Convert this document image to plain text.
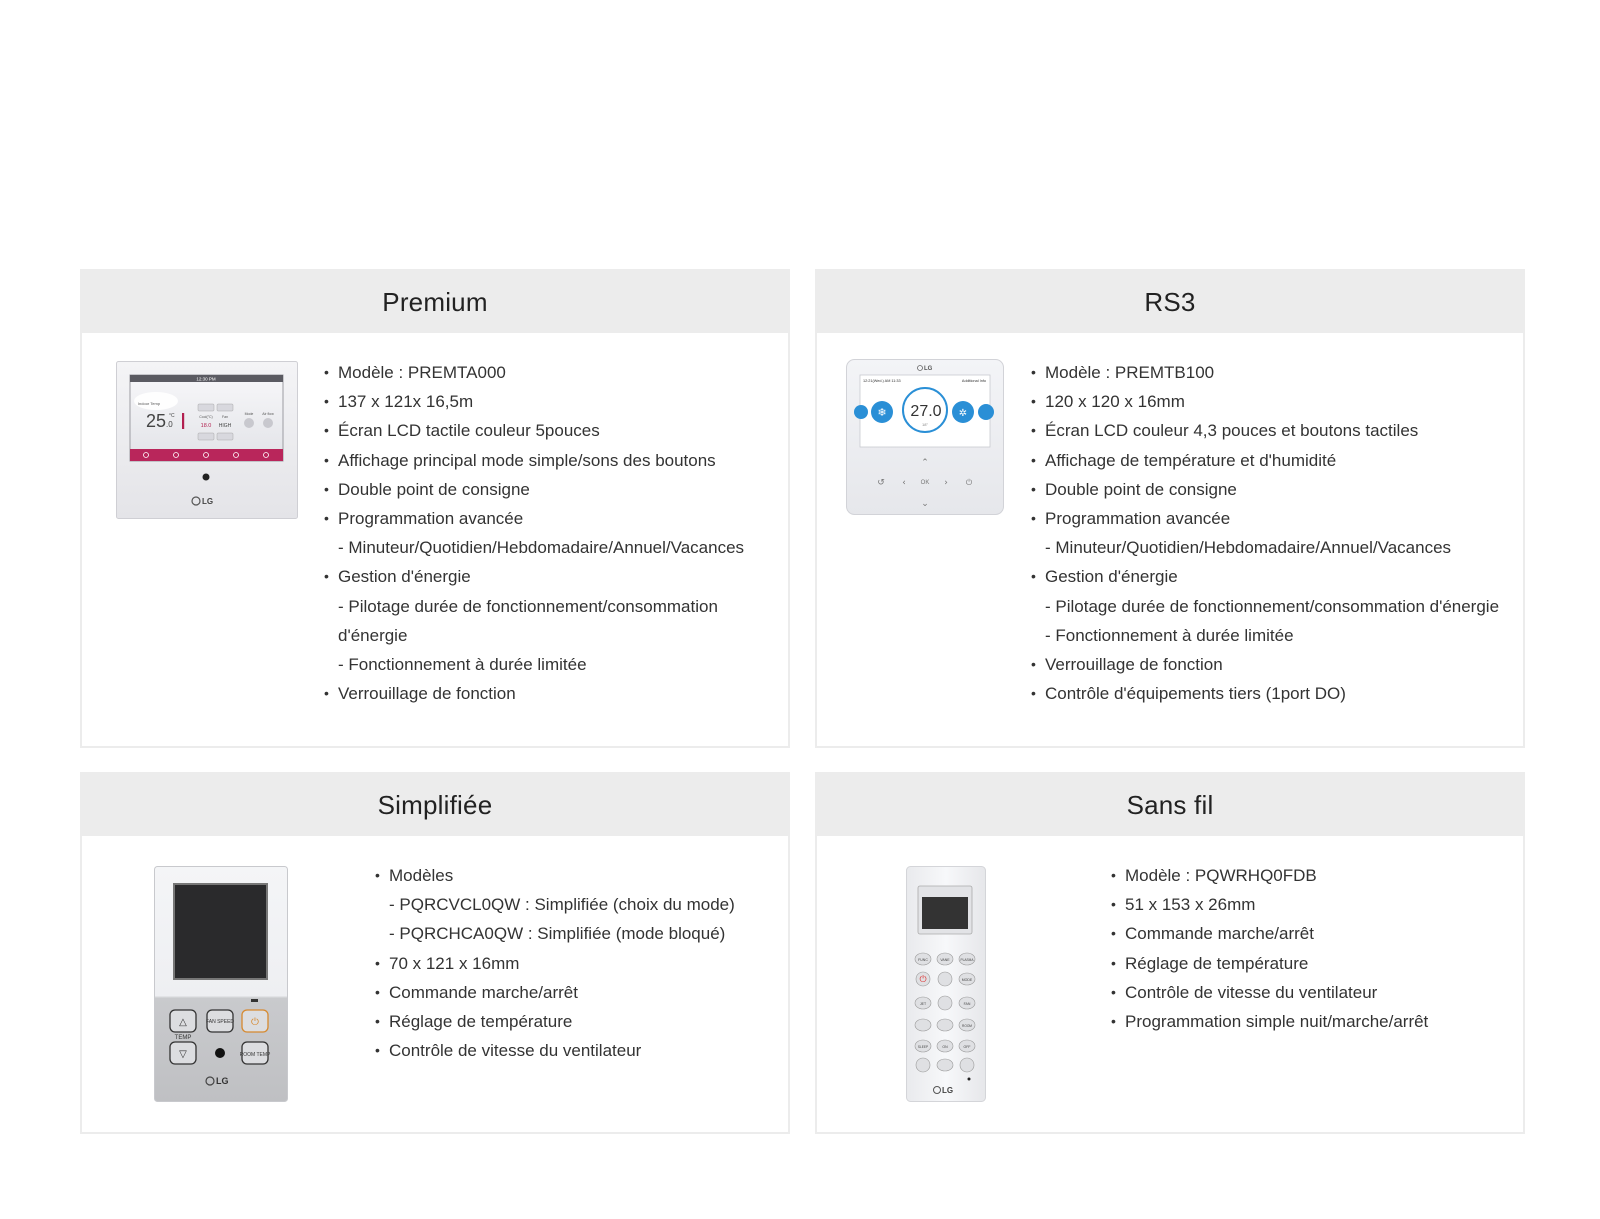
Premium
12:30 PM
Indoor Temp
25 .0
°C	Cool(°C)
18.0
Fan
HIGH
Mode	Air flow
LG
• Modèle : PREMTA000
• 137 x 121x 16,5m
• Écran LCD tactile couleur 5pouces
• Affichage principal mode simple/sons des boutons
• Double point de consigne
• Programmation avancée
- Minuteur/Quotidien/Hebdomadaire/Annuel/Vacances
• Gestion d'énergie
- Pilotage durée de fonctionnement/consommation d'énergie
- Fonctionnement à durée limitée
• Verrouillage de fonction
RS3
LG
12:21(Wed.) AM 11:33	Additional Info
❄ 27.0
18°
✲
⌃
⌄
↺ ‹ OK › ⏻
• Modèle : PREMTB100
• 120 x 120 x 16mm
• Écran LCD couleur 4,3 pouces et boutons tactiles
• Affichage de température et d'humidité
• Double point de consigne
• Programmation avancée
- Minuteur/Quotidien/Hebdomadaire/Annuel/Vacances
• Gestion d'énergie
- Pilotage durée de fonctionnement/consommation d'énergie
- Fonctionnement à durée limitée
• Verrouillage de fonction
• Contrôle d'équipements tiers (1port DO)
Simplifiée
△
TEMP
▽
FAN SPEED ⏻
ROOM TEMP
LG
• Modèles
- PQRCVCL0QW : Simplifiée (choix du mode)
- PQRCHCA0QW : Simplifiée (mode bloqué)
• 70 x 121 x 16mm
• Commande marche/arrêt
• Réglage de température
• Contrôle de vitesse du ventilateur
Sans fil
⏻
FUNC	VANE	PLASMA
MODE
JET	FAN
SLEEP	ON	OFF
ROOM
LG
• Modèle : PQWRHQ0FDB
• 51 x 153 x 26mm
• Commande marche/arrêt
• Réglage de température
• Contrôle de vitesse du ventilateur
• Programmation simple nuit/marche/arrêt
